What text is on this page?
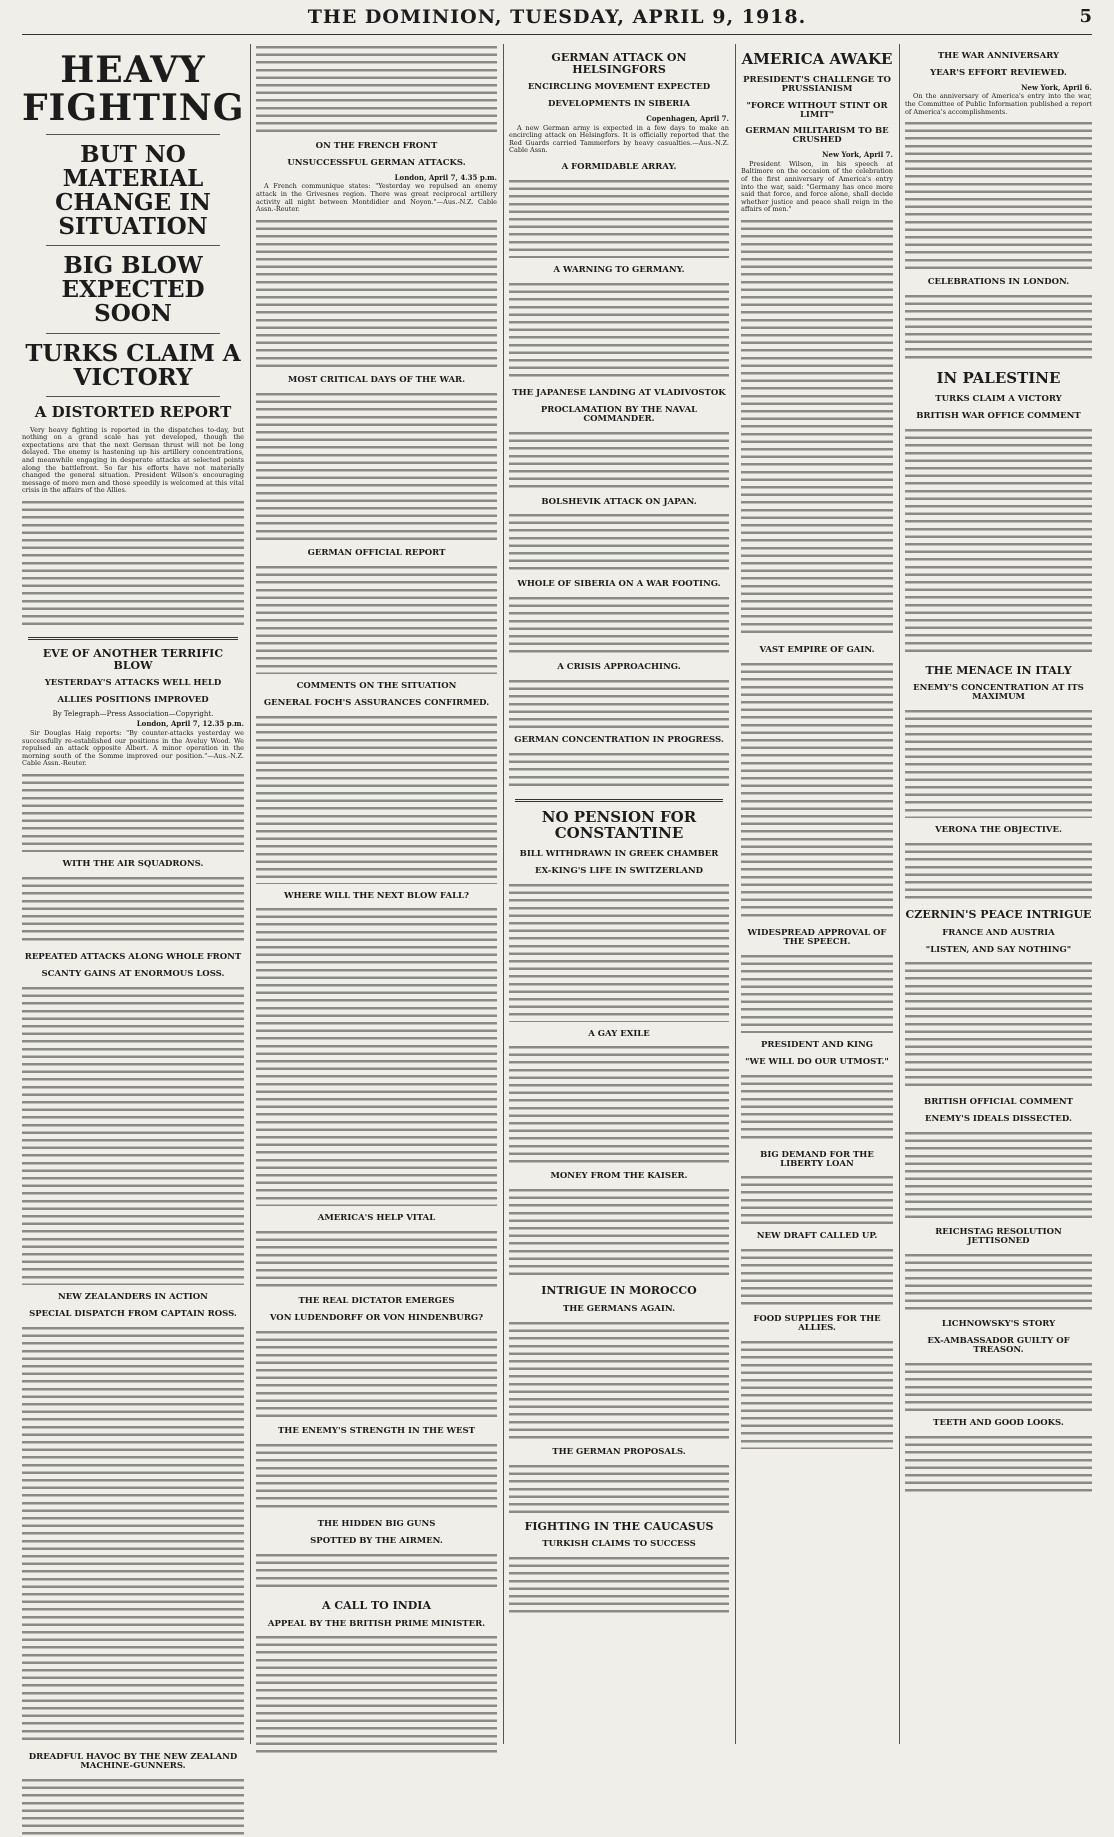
THE DOMINION, TUESDAY, APRIL 9, 1918.	5
HEAVY FIGHTING
BUT NO MATERIAL CHANGE IN SITUATION
BIG BLOW EXPECTED SOON
TURKS CLAIM A VICTORY
A DISTORTED REPORT

Very heavy fighting is reported in the dispatches to-day, but nothing on a grand scale has yet developed, though the expectations are that the next German thrust will not be long delayed. The enemy is hastening up his artillery concentrations, and meanwhile engaging in desperate attacks at selected points along the battlefront. So far his efforts have not materially changed the general situation. President Wilson's encouraging message of more men and those speedily is welcomed at this vital crisis in the affairs of the Allies.

EVE OF ANOTHER TERRIFIC BLOW
YESTERDAY'S ATTACKS WELL HELD
ALLIES POSITIONS IMPROVED
By Telegraph—Press Association—Copyright.
London, April 7, 12.35 p.m.

Sir Douglas Haig reports: "By counter-attacks yesterday we successfully re-established our positions in the Aveluy Wood. We repulsed an attack opposite Albert. A minor operation in the morning south of the Somme improved our position."—Aus.-N.Z. Cable Assn.-Reuter.

WITH THE AIR SQUADRONS.
REPEATED ATTACKS ALONG WHOLE FRONT
SCANTY GAINS AT ENORMOUS LOSS.
NEW ZEALANDERS IN ACTION
SPECIAL DISPATCH FROM CAPTAIN ROSS.
DREADFUL HAVOC BY THE NEW ZEALAND MACHINE-GUNNERS.
ON THE FRENCH FRONT
UNSUCCESSFUL GERMAN ATTACKS.
London, April 7, 4.35 p.m.

A French communique states: "Yesterday we repulsed an enemy attack in the Grivesnes region. There was great reciprocal artillery activity all night between Montdidier and Noyon."—Aus.-N.Z. Cable Assn.-Reuter.

MOST CRITICAL DAYS OF THE WAR.
GERMAN OFFICIAL REPORT
COMMENTS ON THE SITUATION
GENERAL FOCH'S ASSURANCES CONFIRMED.
WHERE WILL THE NEXT BLOW FALL?
AMERICA'S HELP VITAL
THE REAL DICTATOR EMERGES
VON LUDENDORFF OR VON HINDENBURG?
THE ENEMY'S STRENGTH IN THE WEST
THE HIDDEN BIG GUNS
SPOTTED BY THE AIRMEN.
A CALL TO INDIA
APPEAL BY THE BRITISH PRIME MINISTER.
GERMAN ATTACK ON HELSINGFORS
ENCIRCLING MOVEMENT EXPECTED
DEVELOPMENTS IN SIBERIA
Copenhagen, April 7.

A new German army is expected in a few days to make an encircling attack on Helsingfors. It is officially reported that the Red Guards carried Tammerfors by heavy casualties.—Aus.-N.Z. Cable Assn.

A FORMIDABLE ARRAY.
A WARNING TO GERMANY.
THE JAPANESE LANDING AT VLADIVOSTOK
PROCLAMATION BY THE NAVAL COMMANDER.
BOLSHEVIK ATTACK ON JAPAN.
WHOLE OF SIBERIA ON A WAR FOOTING.
A CRISIS APPROACHING.
GERMAN CONCENTRATION IN PROGRESS.
NO PENSION FOR CONSTANTINE
BILL WITHDRAWN IN GREEK CHAMBER
EX-KING'S LIFE IN SWITZERLAND
A GAY EXILE
MONEY FROM THE KAISER.
INTRIGUE IN MOROCCO
THE GERMANS AGAIN.
THE GERMAN PROPOSALS.
FIGHTING IN THE CAUCASUS
TURKISH CLAIMS TO SUCCESS
AMERICA AWAKE
PRESIDENT'S CHALLENGE TO PRUSSIANISM
"FORCE WITHOUT STINT OR LIMIT"
GERMAN MILITARISM TO BE CRUSHED
New York, April 7.

President Wilson, in his speech at Baltimore on the occasion of the celebration of the first anniversary of America's entry into the war, said: "Germany has once more said that force, and force alone, shall decide whether justice and peace shall reign in the affairs of men."

VAST EMPIRE OF GAIN.
WIDESPREAD APPROVAL OF THE SPEECH.
PRESIDENT AND KING
"WE WILL DO OUR UTMOST."
BIG DEMAND FOR THE LIBERTY LOAN
NEW DRAFT CALLED UP.
FOOD SUPPLIES FOR THE ALLIES.
THE WAR ANNIVERSARY
YEAR'S EFFORT REVIEWED.
New York, April 6.

On the anniversary of America's entry into the war, the Committee of Public Information published a report of America's accomplishments.

CELEBRATIONS IN LONDON.
IN PALESTINE
TURKS CLAIM A VICTORY
BRITISH WAR OFFICE COMMENT
THE MENACE IN ITALY
ENEMY'S CONCENTRATION AT ITS MAXIMUM
VERONA THE OBJECTIVE.
CZERNIN'S PEACE INTRIGUE
FRANCE AND AUSTRIA
"LISTEN, AND SAY NOTHING"
BRITISH OFFICIAL COMMENT
ENEMY'S IDEALS DISSECTED.
REICHSTAG RESOLUTION JETTISONED
LICHNOWSKY'S STORY
EX-AMBASSADOR GUILTY OF TREASON.
TEETH AND GOOD LOOKS.
